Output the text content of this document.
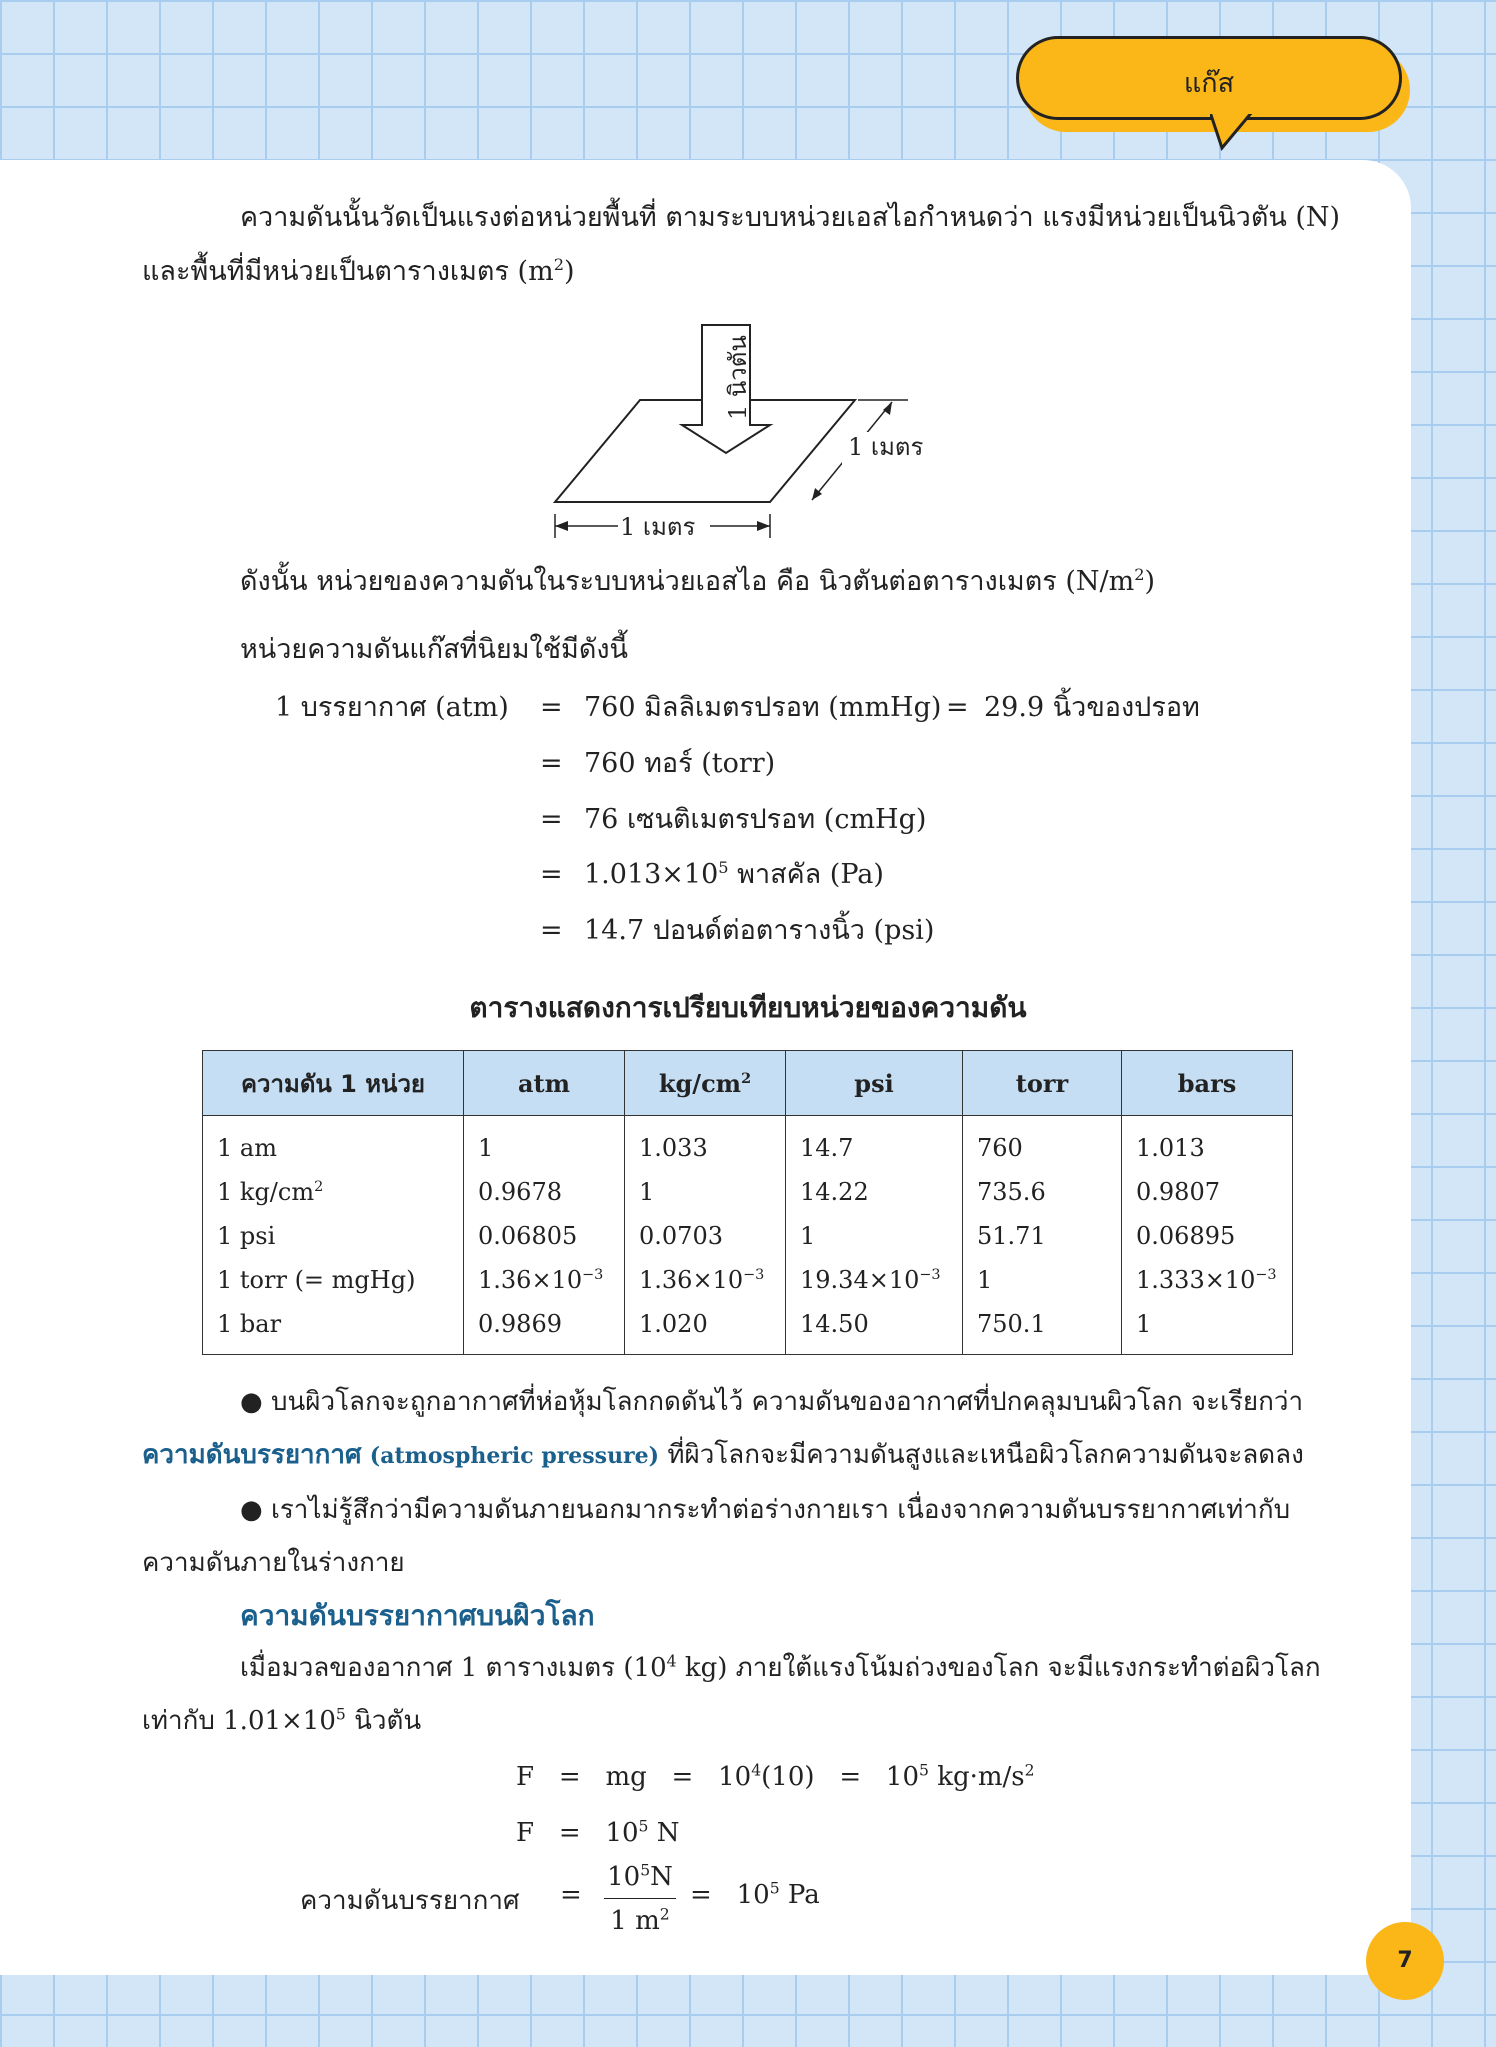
แก๊ส
ความดันนั้นวัดเป็นแรงต่อหน่วยพื้นที่ ตามระบบหน่วยเอสไอกำหนดว่า แรงมีหน่วยเป็นนิวตัน (N)
และพื้นที่มีหน่วยเป็นตารางเมตร $(m^2)$
1 นิวตัน
1 เมตร
1 เมตร
ดังนั้น หน่วยของความดันในระบบหน่วยเอสไอ คือ นิวตันต่อตารางเมตร $(N/m^2)$
หน่วยความดันแก๊สที่นิยมใช้มีดังนี้
1 บรรยากาศ (atm) = 760 มิลลิเมตรปรอท (mmHg) = 29.9 นิ้วของปรอท
= 760 ทอร์ (torr)
= 76 เซนติเมตรปรอท (cmHg)
= $1.013\times 10^5$ พาสคัล (Pa)
= 14.7 ปอนด์ต่อตารางนิ้ว (psi)
ตารางแสดงการเปรียบเทียบหน่วยของความดัน
ความดัน 1 หน่วย	atm	$kg/cm^2$	psi	torr	bars
1 am	1	1.033	14.7	760	1.013
1 $kg/cm^2$	0.9678	1	14.22	735.6	0.9807
1 psi	0.06805	0.0703	1	51.71	0.06895
1 torr (= mgHg)	$1.36\times 10^{-3}$	$1.36\times 10^{-3}$	$19.34\times 10^{-3}$	1	$1.333\times 10^{-3}$
1 bar	0.9869	1.020	14.50	750.1	1
● บนผิวโลกจะถูกอากาศที่ห่อหุ้มโลกกดดันไว้ ความดันของอากาศที่ปกคลุมบนผิวโลก จะเรียกว่า
ความดันบรรยากาศ (atmospheric pressure) ที่ผิวโลกจะมีความดันสูงและเหนือผิวโลกความดันจะลดลง
● เราไม่รู้สึกว่ามีความดันภายนอกมากระทำต่อร่างกายเรา เนื่องจากความดันบรรยากาศเท่ากับ
ความดันภายในร่างกาย
ความดันบรรยากาศบนผิวโลก
เมื่อมวลของอากาศ 1 ตารางเมตร ($10^4$ kg) ภายใต้แรงโน้มถ่วงของโลก จะมีแรงกระทำต่อผิวโลก
เท่ากับ $1.01\times 10^5$ นิวตัน
F = mg = $10^4(10) = 10^5$ $kg\cdot m/s^2$
$F = 10^5$ N
ความดันบรรยากาศ =
$10^5N$
1 $m^2$
= $10^5$ Pa
7
